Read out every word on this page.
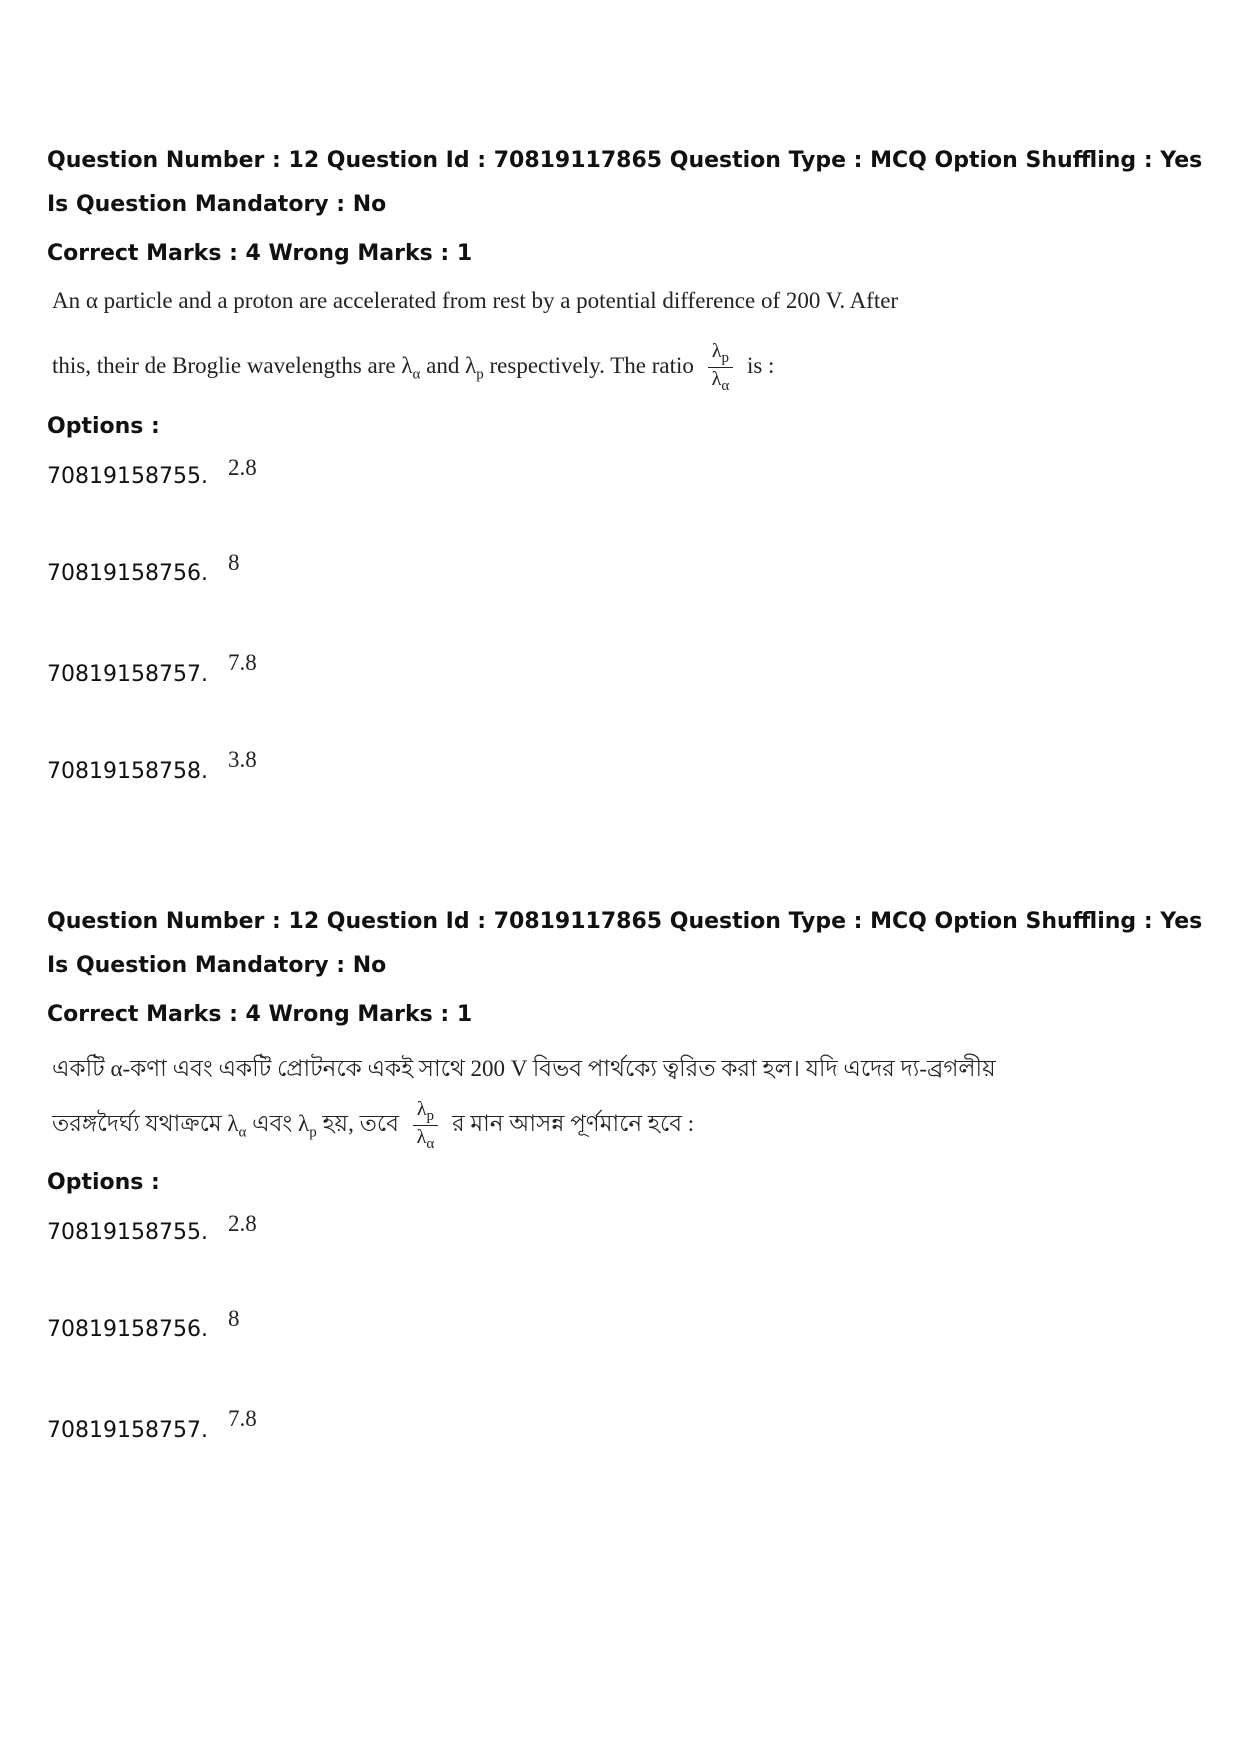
Question Number : 12 Question Id : 70819117865 Question Type : MCQ Option Shuffling : Yes
Is Question Mandatory : No
Correct Marks : 4 Wrong Marks : 1
An α particle and a proton are accelerated from rest by a potential difference of 200 V. After
this, their de Broglie wavelengths are $\lambda_\alpha$ and $\lambda_p$ respectively. The ratio $\frac{\lambda_p}{\lambda_\alpha}$ is :
Options :
70819158755. 2.8
70819158756. 8
70819158757. 7.8
70819158758. 3.8
Question Number : 12 Question Id : 70819117865 Question Type : MCQ Option Shuffling : Yes
Is Question Mandatory : No
Correct Marks : 4 Wrong Marks : 1
একটি α-কণা এবং একটি প্রোটনকে একই সাথে 200 V বিভব পার্থক্যে ত্বরিত করা হল। যদি এদের দ্য-ব্রগলীয়
তরঙ্গদৈর্ঘ্য যথাক্রমে $\lambda_\alpha$ এবং $\lambda_p$ হয়, তবে $\frac{\lambda_p}{\lambda_\alpha}$ র মান আসন্ন পূর্ণমানে হবে :
Options :
70819158755. 2.8
70819158756. 8
70819158757. 7.8
